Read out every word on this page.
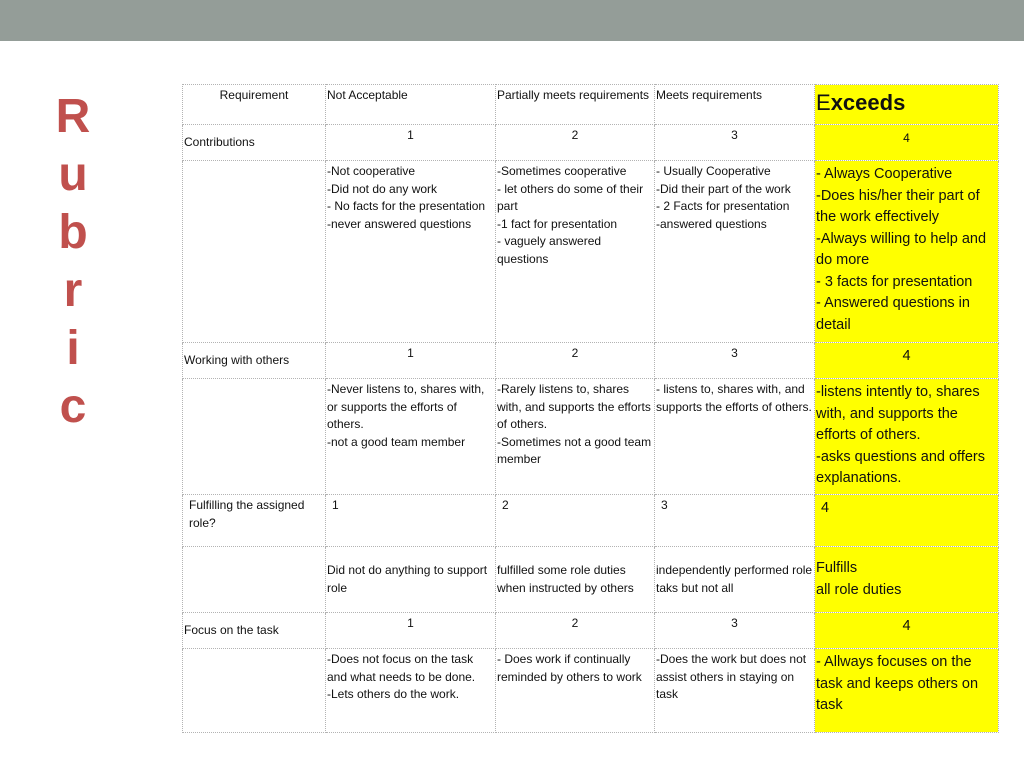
R
u
b
r
i
c
Requirement	Not Acceptable	Partially meets requirements	Meets requirements	Exceeds
Contributions	1	2	3	4

	-Not cooperative
-Did not do any work
- No facts for the presentation
-never answered questions	-Sometimes cooperative
- let others do some of their part
-1 fact for presentation
- vaguely answered questions	- Usually Cooperative
-Did their part of the work
- 2 Facts for presentation
-answered questions	- Always Cooperative
-Does his/her their part of the work effectively
-Always willing to help and do more
- 3 facts for presentation
- Answered questions in detail

Working with others	1	2	3	4

	-Never listens to, shares with, or supports the efforts of others.
-not a good team member	-Rarely listens to, shares with, and supports the efforts of others.
-Sometimes not a good team member	- listens to, shares with, and supports the efforts of others.	-listens intently to, shares with, and supports the efforts of others.
-asks questions and offers explanations.

Fulfilling the assigned role?	1	2	3	4
	Did not do anything to support role	fulfilled some role duties when instructed by others	independently performed role taks but not all	Fulfills
all role duties

Focus on the task	1	2	3	4

	-Does not focus on the task and what needs to be done.
-Lets others do the work.	- Does work if continually reminded by others to work	-Does the work but does not assist others in staying on task	- Allways focuses on the task and keeps others on task
